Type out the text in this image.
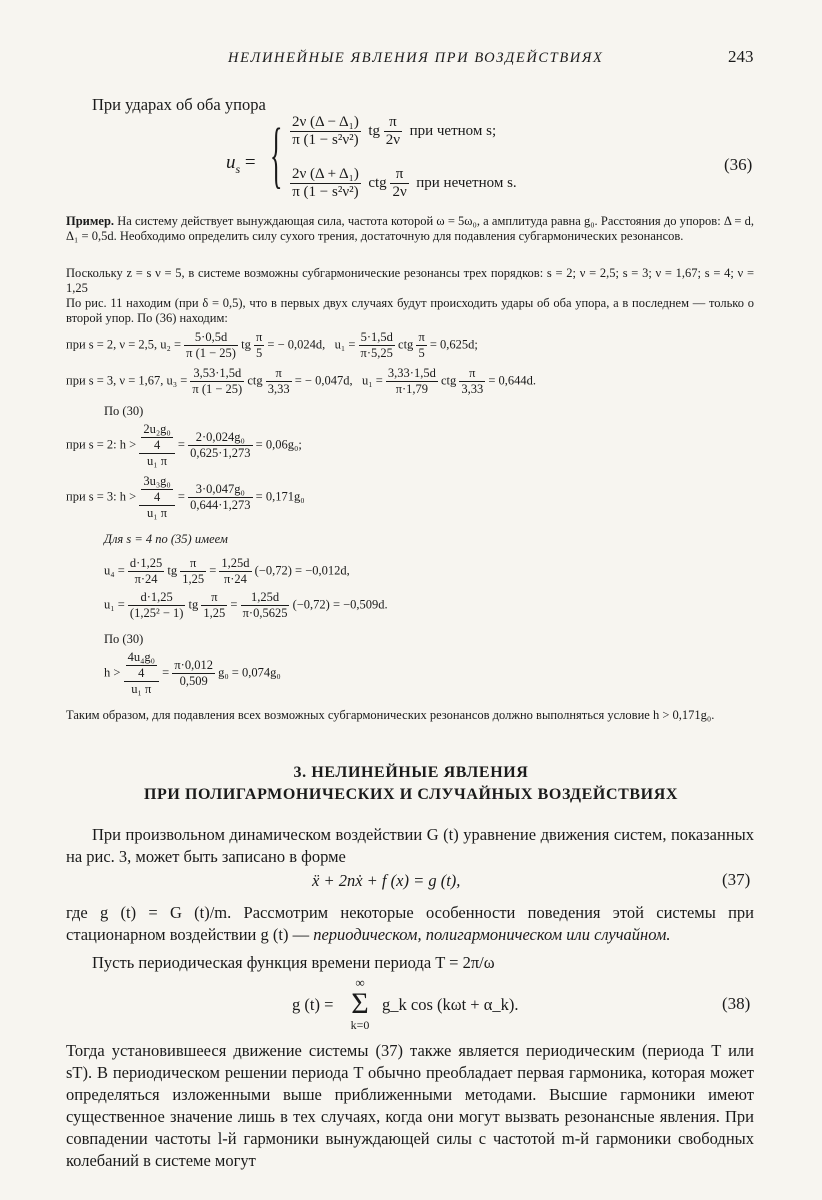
НЕЛИНЕЙНЫЕ ЯВЛЕНИЯ ПРИ ВОЗДЕЙСТВИЯХ	243
При ударах об оба упора
$u_s$ = { $\frac{\text{2ν (Δ − Δ₁)}}{\text{π (1 − s²ν²)}}$ tg $\frac{\pi}{2\nu}$ при четном s;
$\frac{\text{2ν (Δ + Δ₁)}}{\text{π (1 − s²ν²)}}$ ctg $\frac{\pi}{2\nu}$ при нечетном s.
(36)
Пример. На систему действует вынуждающая сила, частота которой ω = 5ω₀, а амплитуда равна g₀. Расстояния до упоров: Δ = d, Δ₁ = 0,5d. Необходимо определить силу сухого трения, достаточную для подавления субгармонических резонансов.
Поскольку z = s ν = 5, в системе возможны субгармонические резонансы трех порядков: s = 2; ν = 2,5; s = 3; ν = 1,67; s = 4; ν = 1,25
По рис. 11 находим (при δ = 0,5), что в первых двух случаях будут происходить удары об оба упора, а в последнем — только о второй упор. По (36) находим:
при s = 2, ν = 2,5, $u_2 = \frac{5\cdot 0,5d}{\pi (1 - 25)}$ tg $\frac{\pi}{5}$ = − 0,024d, $u_1 = \frac{5\cdot 1,5d}{\pi\cdot 5,25}$ ctg $\frac{\pi}{5} = 0,625d$;
при s = 3, ν = 1,67, $u_3 = \frac{3,53\cdot 1,5d}{\pi (1 - 25)}$ ctg $\frac{\pi}{3,33}$ = − 0,047d, $u_1 = \frac{3,33\cdot 1,5d}{\pi\cdot 1,79}$ ctg $\frac{\pi}{3,33} = 0,644d$.
По (30)
при s = 2: $h > \frac{\frac{\text{2u₂g₀}}{4}}{\text{u₁ π}} = \frac{\text{2·0,024g₀}}{0,625\cdot 1,273} = 0,06g_0$;
при s = 3: $h > \frac{\frac{\text{3u₃g₀}}{4}}{\text{u₁ π}} = \frac{\text{3·0,047g₀}}{0,644\cdot 1,273} = 0,171g_0$
Для s = 4 по (35) имеем
$u_4 = \frac{d\cdot 1,25}{\pi\cdot 24}$ tg $\frac{\pi}{1,25} = \frac{1,25d}{\pi\cdot 24} (-0,72) = -0,012d$,
$u_1 = \frac{d\cdot 1,25}{\text{(1,25² − 1)}}$ tg $\frac{\pi}{1,25} = \frac{1,25d}{\pi\cdot 0,5625} (-0,72) = -0,509d$.
По (30)
$h > \frac{\frac{\text{4u₄g₀}}{4}}{\text{u₁ π}} = \frac{\pi\cdot 0,012}{0,509} g_0 = 0,074g_0$
Таким образом, для подавления всех возможных субгармонических резонансов должно выполняться условие h > 0,171g₀.
3. НЕЛИНЕЙНЫЕ ЯВЛЕНИЯ
ПРИ ПОЛИГАРМОНИЧЕСКИХ И СЛУЧАЙНЫХ ВОЗДЕЙСТВИЯХ
При произвольном динамическом воздействии G (t) уравнение движения систем, показанных на рис. 3, может быть записано в форме
ẍ + 2nẋ + f (x) = g (t),	(37)
где g (t) = G (t)/m. Рассмотрим некоторые особенности поведения этой системы при стационарном воздействии g (t) — периодическом, полигармоническом или случайном.
Пусть периодическая функция времени периода T = 2π/ω
g (t) =
∞
Σ
k=0
g_k cos (kωt + α_k).	(38)
Тогда установившееся движение системы (37) также является периодическим (периода T или sT). В периодическом решении периода T обычно преобладает первая гармоника, которая может определяться изложенными выше приближенными методами. Высшие гармоники имеют существенное значение лишь в тех случаях, когда они могут вызвать резонансные явления. При совпадении частоты l-й гармоники вынуждающей силы с частотой m-й гармоники свободных колебаний в системе могут
